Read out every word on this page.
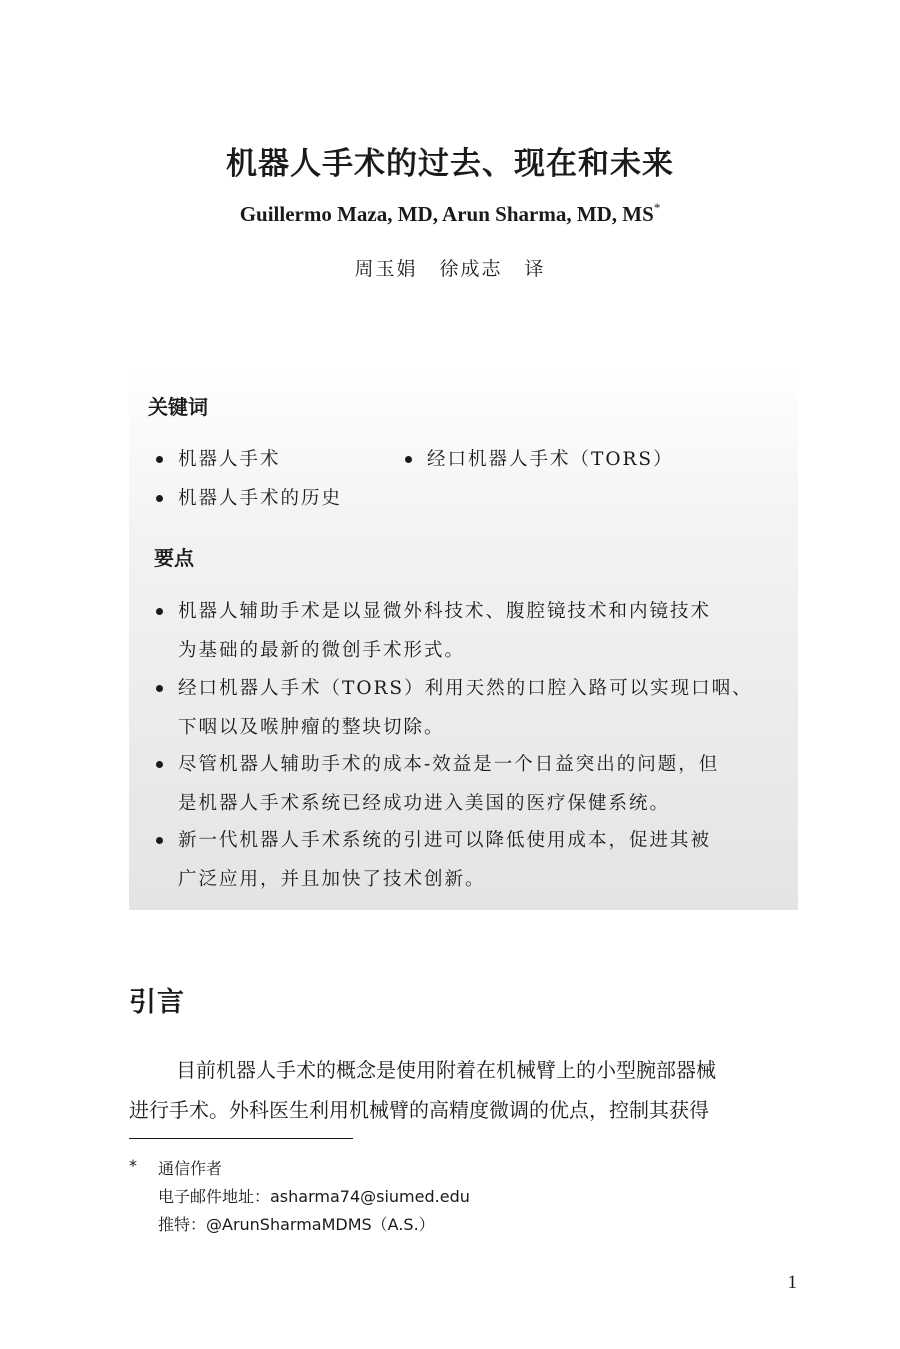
机器人手术的过去、现在和未来
Guillermo Maza, MD, Arun Sharma, MD, MS*
周玉娟 徐成志 译
关键词
机器人手术	经口机器人手术（TORS）
机器人手术的历史
要点
机器人辅助手术是以显微外科技术、腹腔镜技术和内镜技术
为基础的最新的微创手术形式。
经口机器人手术（TORS）利用天然的口腔入路可以实现口咽、
下咽以及喉肿瘤的整块切除。
尽管机器人辅助手术的成本-效益是一个日益突出的问题，但
是机器人手术系统已经成功进入美国的医疗保健系统。
新一代机器人手术系统的引进可以降低使用成本，促进其被
广泛应用，并且加快了技术创新。
引言
目前机器人手术的概念是使用附着在机械臂上的小型腕部器械
进行手术。外科医生利用机械臂的高精度微调的优点，控制其获得
* 通信作者
电子邮件地址：asharma74@siumed.edu
推特：@ArunSharmaMDMS（A.S.）
1
